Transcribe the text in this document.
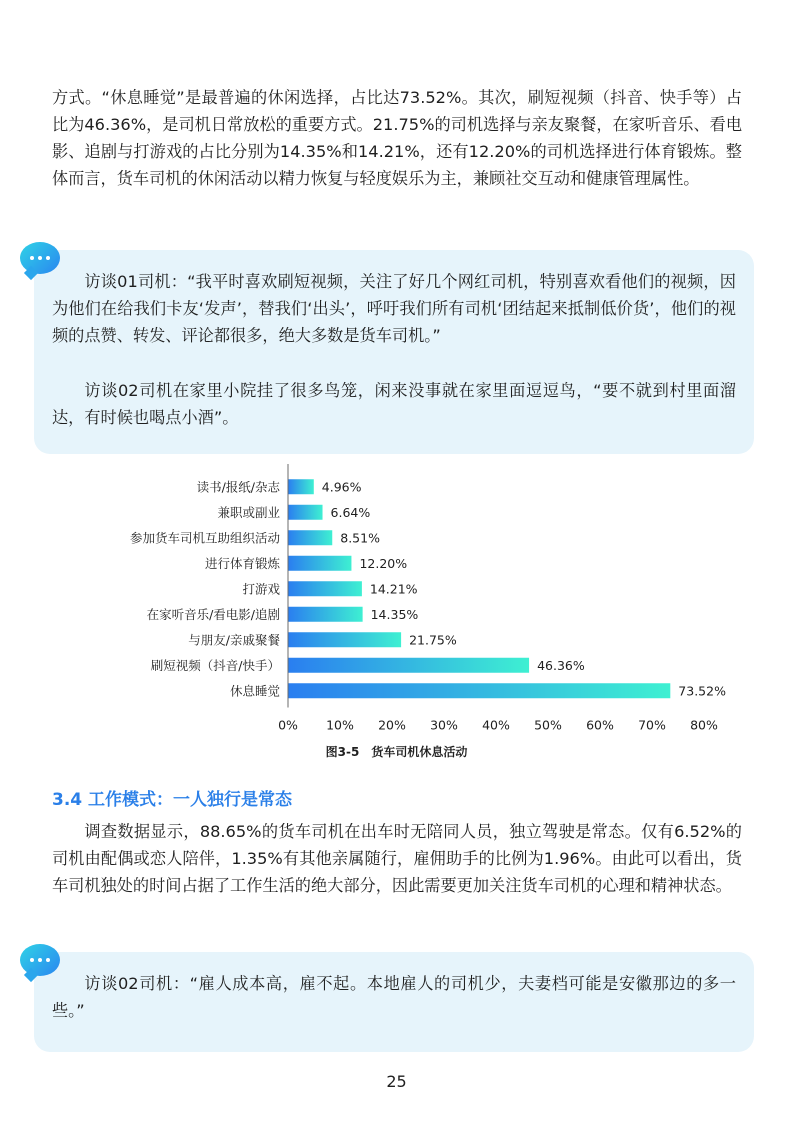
方式。“休息睡觉”是最普遍的休闲选择，占比达73.52%。其次，刷短视频（抖音、快手等）占比为46.36%，是司机日常放松的重要方式。21.75%的司机选择与亲友聚餐，在家听音乐、看电影、追剧与打游戏的占比分别为14.35%和14.21%，还有12.20%的司机选择进行体育锻炼。整体而言，货车司机的休闲活动以精力恢复与轻度娱乐为主，兼顾社交互动和健康管理属性。

访谈01司机：“我平时喜欢刷短视频，关注了好几个网红司机，特别喜欢看他们的视频，因为他们在给我们卡友‘发声’，替我们‘出头’，呼吁我们所有司机‘团结起来抵制低价货’，他们的视频的点赞、转发、评论都很多，绝大多数是货车司机。”

访谈02司机在家里小院挂了很多鸟笼，闲来没事就在家里面逗逗鸟，“要不就到村里面溜达，有时候也喝点小酒”。

读书/报纸/杂志	4.96%
兼职或副业	6.64%
参加货车司机互助组织活动	8.51%
进行体育锻炼	12.20%
打游戏	14.21%
在家听音乐/看电影/追剧	14.35%
与朋友/亲戚聚餐	21.75%
刷短视频（抖音/快手）	46.36%
休息睡觉	73.52%
0% 10% 20% 30% 40% 50% 60% 70% 80%
图3-5　货车司机休息活动
3.4 工作模式：一人独行是常态

调查数据显示，88.65%的货车司机在出车时无陪同人员，独立驾驶是常态。仅有6.52%的司机由配偶或恋人陪伴，1.35%有其他亲属随行，雇佣助手的比例为1.96%。由此可以看出，货车司机独处的时间占据了工作生活的绝大部分，因此需要更加关注货车司机的心理和精神状态。

访谈02司机：“雇人成本高，雇不起。本地雇人的司机少，夫妻档可能是安徽那边的多一些。”

25
